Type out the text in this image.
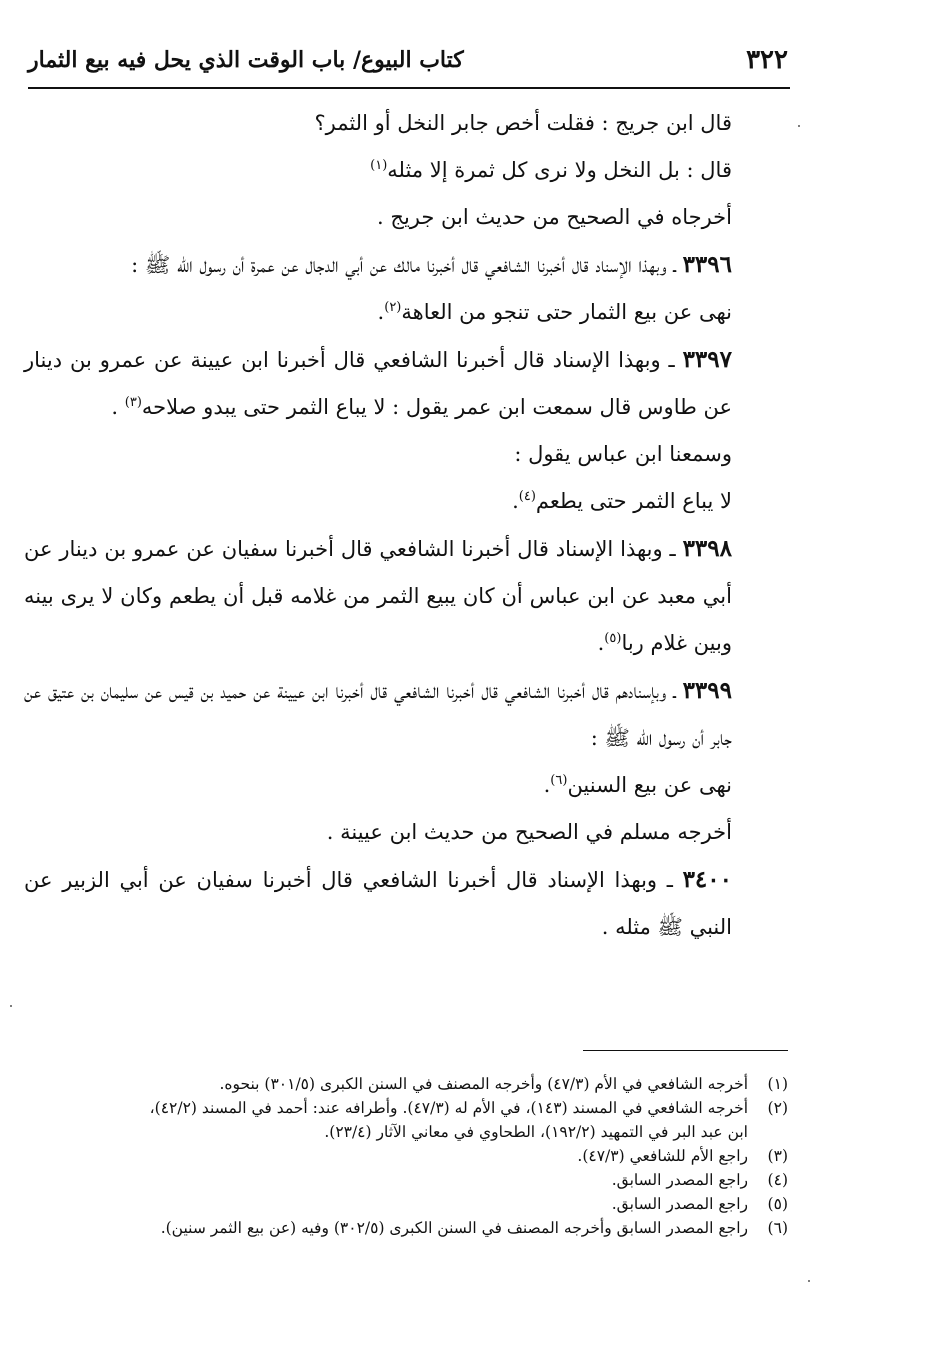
٣٢٢
كتاب البيوع/ باب الوقت الذي يحل فيه بيع الثمار

قال ابن جريج : فقلت أخص جابر النخل أو الثمر؟

قال : بل النخل ولا نرى كل ثمرة إلا مثله$^{(١)}$

أخرجاه في الصحيح من حديث ابن جريج .

٣٣٩٦ ـ وبهذا الإسناد قال أخبرنا الشافعي قال أخبرنا مالك عن أبي الدجال عن عمرة أن رسول الله ﷺ :

نهى عن بيع الثمار حتى تنجو من العاهة$^{(٢)}$.

٣٣٩٧ ـ وبهذا الإسناد قال أخبرنا الشافعي قال أخبرنا ابن عيينة عن عمرو بن دينار عن طاوس قال سمعت ابن عمر يقول : لا يباع الثمر حتى يبدو صلاحه$^{(٣)}$ .

وسمعنا ابن عباس يقول :

لا يباع الثمر حتى يطعم$^{(٤)}$.

٣٣٩٨ ـ وبهذا الإسناد قال أخبرنا الشافعي قال أخبرنا سفيان عن عمرو بن دينار عن أبي معبد عن ابن عباس أن كان يبيع الثمر من غلامه قبل أن يطعم وكان لا يرى بينه وبين غلام ربا$^{(٥)}$.

٣٣٩٩ ـ وبإسنادهم قال أخبرنا الشافعي قال أخبرنا الشافعي قال أخبرنا ابن عيينة عن حميد بن قيس عن سليمان بن عتيق عن جابر أن رسول الله ﷺ :

نهى عن بيع السنين$^{(٦)}$.

أخرجه مسلم في الصحيح من حديث ابن عيينة .

٣٤٠٠ ـ وبهذا الإسناد قال أخبرنا الشافعي قال أخبرنا سفيان عن أبي الزبير عن النبي ﷺ مثله .

(١)أخرجه الشافعي في الأم (٤٧/٣) وأخرجه المصنف في السنن الكبرى (٣٠١/٥) بنحوه.

(٢)أخرجه الشافعي في المسند (١٤٣)، في الأم له (٤٧/٣). وأطرافه عند: أحمد في المسند (٤٢/٢)،
ابن عبد البر في التمهيد (١٩٢/٢)، الطحاوي في معاني الآثار (٢٣/٤).

(٣)راجع الأم للشافعي (٤٧/٣).

(٤)راجع المصدر السابق.

(٥)راجع المصدر السابق.

(٦)راجع المصدر السابق وأخرجه المصنف في السنن الكبرى (٣٠٢/٥) وفيه (عن بيع الثمر سنين).
